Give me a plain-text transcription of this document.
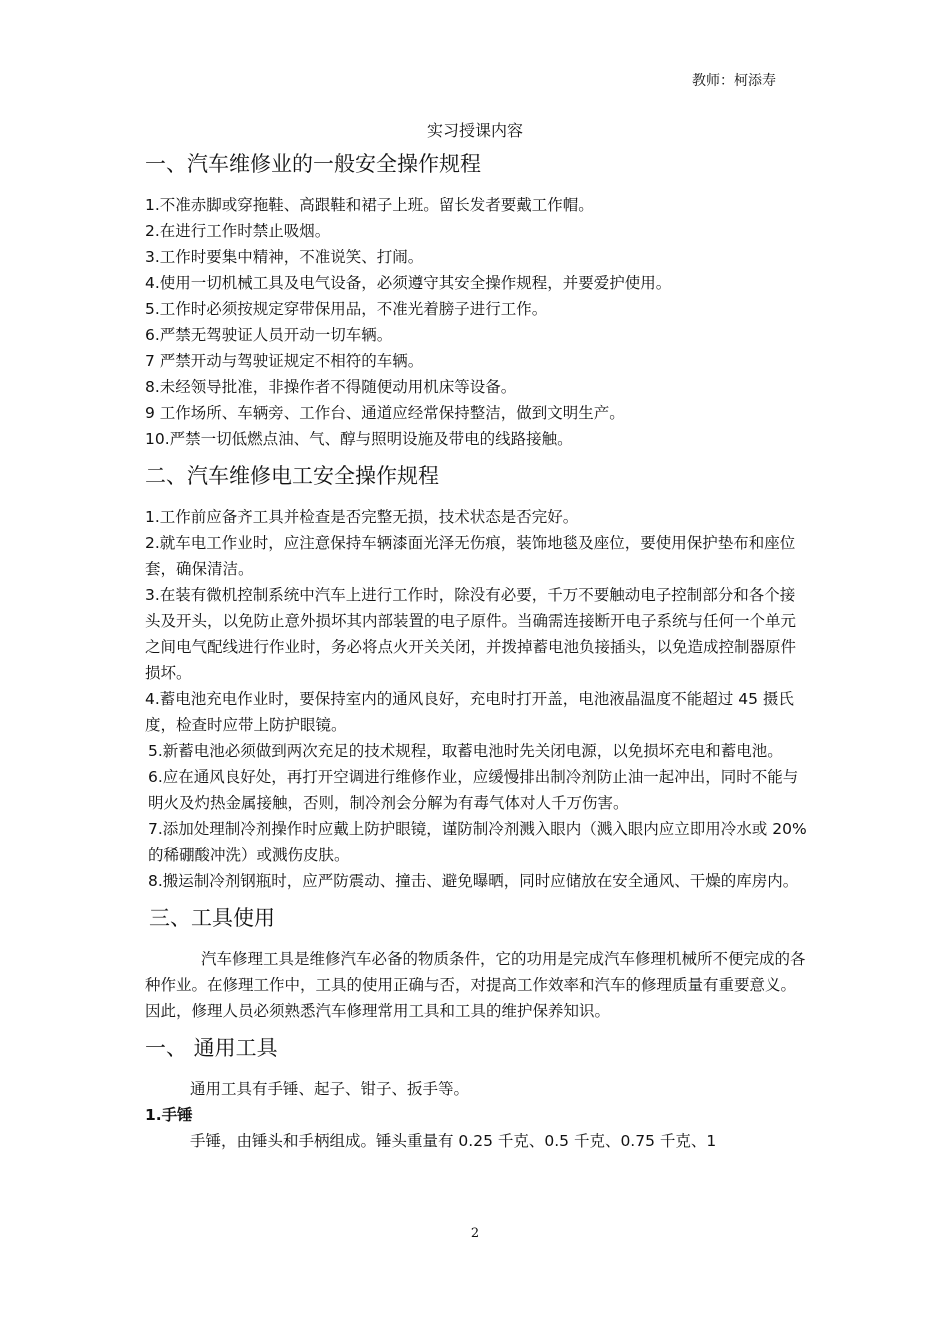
教师：柯添寿
实习授课内容
一、汽车维修业的一般安全操作规程

1.不准赤脚或穿拖鞋、高跟鞋和裙子上班。留长发者要戴工作帽。

2.在进行工作时禁止吸烟。

3.工作时要集中精神，不准说笑、打闹。

4.使用一切机械工具及电气设备，必须遵守其安全操作规程，并要爱护使用。

5.工作时必须按规定穿带保用品，不准光着膀子进行工作。

6.严禁无驾驶证人员开动一切车辆。

7 严禁开动与驾驶证规定不相符的车辆。

8.未经领导批准，非操作者不得随便动用机床等设备。

9 工作场所、车辆旁、工作台、通道应经常保持整洁，做到文明生产。

10.严禁一切低燃点油、气、醇与照明设施及带电的线路接触。

二、汽车维修电工安全操作规程

1.工作前应备齐工具并检查是否完整无损，技术状态是否完好。

2.就车电工作业时，应注意保持车辆漆面光泽无伤痕，装饰地毯及座位，要使用保护垫布和座位套，确保清洁。

3.在装有微机控制系统中汽车上进行工作时，除没有必要，千万不要触动电子控制部分和各个接头及开头，以免防止意外损坏其内部装置的电子原件。当确需连接断开电子系统与任何一个单元之间电气配线进行作业时，务必将点火开关关闭，并拨掉蓄电池负接插头，以免造成控制器原件损坏。

4.蓄电池充电作业时，要保持室内的通风良好，充电时打开盖，电池液晶温度不能超过 45 摄氏度，检查时应带上防护眼镜。

5.新蓄电池必须做到两次充足的技术规程，取蓄电池时先关闭电源，以免损坏充电和蓄电池。

6.应在通风良好处，再打开空调进行维修作业，应缓慢排出制冷剂防止油一起冲出，同时不能与明火及灼热金属接触，否则，制冷剂会分解为有毒气体对人千万伤害。

7.添加处理制冷剂操作时应戴上防护眼镜，谨防制冷剂溅入眼内（溅入眼内应立即用冷水或 20%的稀硼酸冲洗）或溅伤皮肤。

8.搬运制冷剂钢瓶时，应严防震动、撞击、避免曝晒，同时应储放在安全通风、干燥的库房内。

三、工具使用

汽车修理工具是维修汽车必备的物质条件，它的功用是完成汽车修理机械所不便完成的各种作业。在修理工作中，工具的使用正确与否，对提高工作效率和汽车的修理质量有重要意义。因此，修理人员必须熟悉汽车修理常用工具和工具的维护保养知识。

一、 通用工具

通用工具有手锤、起子、钳子、扳手等。

1.手锤

手锤，由锤头和手柄组成。锤头重量有 0.25 千克、0.5 千克、0.75 千克、1

2
